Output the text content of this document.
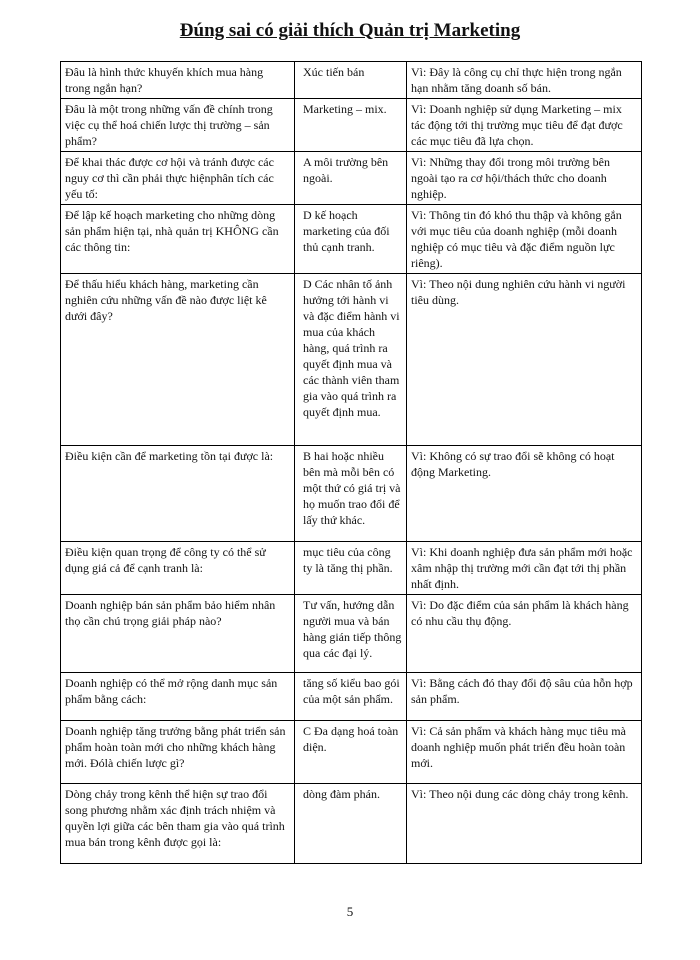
Đúng sai có giải thích Quản trị Marketing
Đâu là hình thức khuyến khích mua hàng trong ngắn hạn?	Xúc tiến bán	Vì: Đây là công cụ chỉ thực hiện trong ngắn hạn nhằm tăng doanh số bán.
Đâu là một trong những vấn đề chính trong việc cụ thể hoá chiến lược thị trường – sản phẩm?	Marketing – mix.	Vì: Doanh nghiệp sử dụng Marketing – mix tác động tới thị trường mục tiêu để đạt được các mục tiêu đã lựa chọn.
Để khai thác được cơ hội và tránh được các nguy cơ thì cần phải thực hiệnphân tích các yếu tố:	A môi trường bên ngoài.	Vì: Những thay đổi trong môi trường bên ngoài tạo ra cơ hội/thách thức cho doanh nghiệp.
Để lập kế hoạch marketing cho những dòng sản phẩm hiện tại, nhà quản trị KHÔNG cần các thông tin:	D kế hoạch marketing của đối thủ cạnh tranh.	Vì: Thông tin đó khó thu thập và không gắn với mục tiêu của doanh nghiệp (mỗi doanh nghiệp có mục tiêu và đặc điểm nguồn lực riêng).
Để thấu hiểu khách hàng, marketing cần nghiên cứu những vấn đề nào được liệt kê dưới đây?	D Các nhân tố ảnh hưởng tới hành vi và đặc điểm hành vi mua của khách hàng, quá trình ra quyết định mua và các thành viên tham gia vào quá trình ra quyết định mua.	Vì: Theo nội dung nghiên cứu hành vi người tiêu dùng.
Điều kiện cần để marketing tồn tại được là:	B hai hoặc nhiều bên mà mỗi bên có một thứ có giá trị và họ muốn trao đổi để lấy thứ khác.	Vì: Không có sự trao đổi sẽ không có hoạt động Marketing.
Điều kiện quan trọng để công ty có thể sử dụng giá cả để cạnh tranh là:	mục tiêu của công ty là tăng thị phần.	Vì: Khi doanh nghiệp đưa sản phẩm mới hoặc xâm nhập thị trường mới cần đạt tới thị phần nhất định.
Doanh nghiệp bán sản phẩm bảo hiểm nhân thọ cần chú trọng giải pháp nào?	Tư vấn, hướng dẫn người mua và bán hàng gián tiếp thông qua các đại lý.	Vì: Do đặc điểm của sản phẩm là khách hàng có nhu cầu thụ động.
Doanh nghiệp có thể mở rộng danh mục sản phẩm bằng cách:	tăng số kiểu bao gói của một sản phẩm.	Vì: Bằng cách đó thay đổi độ sâu của hỗn hợp sản phẩm.
Doanh nghiệp tăng trưởng bằng phát triển sản phẩm hoàn toàn mới cho những khách hàng mới. Đólà chiến lược gì?	C Đa dạng hoá toàn diện.	Vì: Cả sản phẩm và khách hàng mục tiêu mà doanh nghiệp muốn phát triển đều hoàn toàn mới.
Dòng chảy trong kênh thể hiện sự trao đổi song phương nhằm xác định trách nhiệm và quyền lợi giữa các bên tham gia vào quá trình mua bán trong kênh được gọi là:	dòng đàm phán.	Vì: Theo nội dung các dòng chảy trong kênh.
5
